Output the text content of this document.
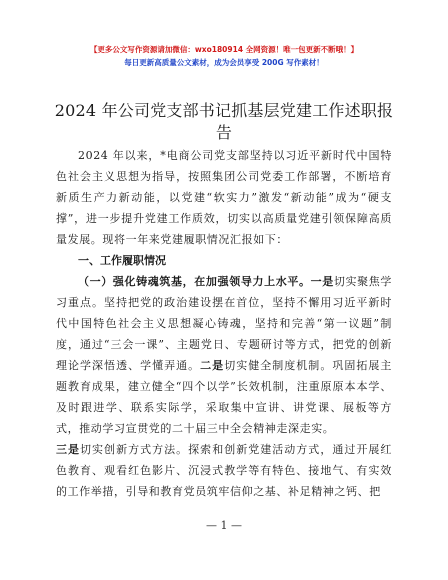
【更多公文写作资源请加微信：wxo180914 全网资源！唯一包更新不断哦！】
每日更新高质量公文素材，成为会员享受 200G 写作素材！
2024 年公司党支部书记抓基层党建工作述职报告

2024 年以来，*电商公司党支部坚持以习近平新时代中国特色社会主义思想为指导，按照集团公司党委工作部署，不断培育新质生产力新动能，以党建“软实力”激发“新动能”成为“硬支撑”，进一步提升党建工作质效，切实以高质量党建引领保障高质量发展。现将一年来党建履职情况汇报如下：

一、工作履职情况

（一）强化铸魂筑基，在加强领导力上水平。一是切实聚焦学习重点。坚持把党的政治建设摆在首位，坚持不懈用习近平新时代中国特色社会主义思想凝心铸魂，坚持和完善“第一议题”制度，通过“三会一课”、主题党日、专题研讨等方式，把党的创新理论学深悟透、学懂弄通。二是切实健全制度机制。巩固拓展主题教育成果，建立健全“四个以学”长效机制，注重原原本本学、及时跟进学、联系实际学，采取集中宣讲、讲党课、展板等方式，推动学习宣贯党的二十届三中全会精神走深走实。

三是切实创新方式方法。探索和创新党建活动方式，通过开展红色教育、观看红色影片、沉浸式教学等有特色、接地气、有实效的工作举措，引导和教育党员筑牢信仰之基、补足精神之钙、把

— 1 —
